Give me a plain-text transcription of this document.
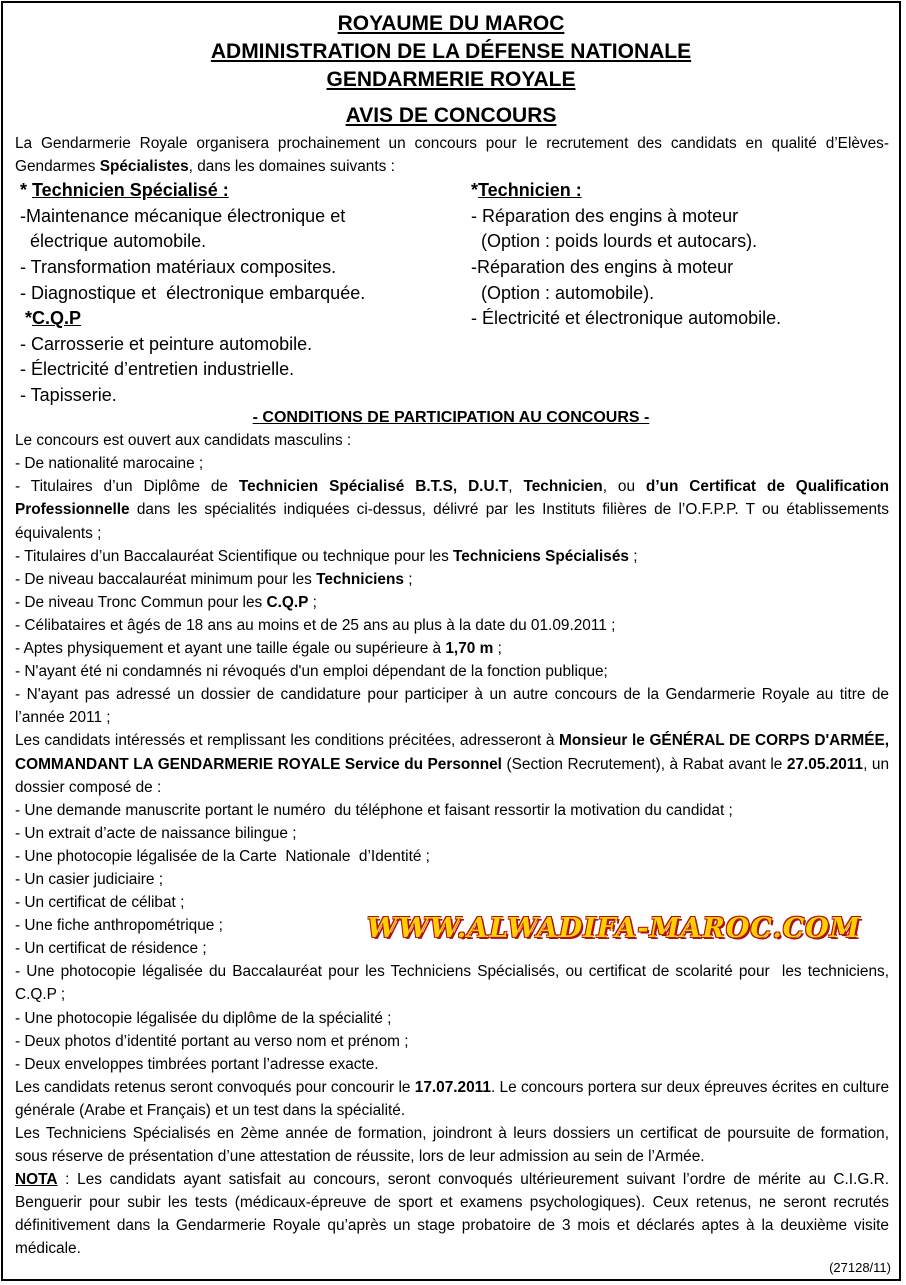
ROYAUME DU MAROC
ADMINISTRATION DE LA DÉFENSE NATIONALE
GENDARMERIE ROYALE
AVIS DE CONCOURS
La Gendarmerie Royale organisera prochainement un concours pour le recrutement des candidats en qualité d’Elèves-Gendarmes Spécialistes, dans les domaines suivants :
* Technicien Spécialisé :
-Maintenance mécanique électronique et
électrique automobile.
- Transformation matériaux composites.
- Diagnostique et  électronique embarquée.
*C.Q.P
- Carrosserie et peinture automobile.
- Électricité d’entretien industrielle.
- Tapisserie.
*Technicien :
- Réparation des engins à moteur
(Option : poids lourds et autocars).
-Réparation des engins à moteur
(Option : automobile).
- Électricité et électronique automobile.
- CONDITIONS DE PARTICIPATION AU CONCOURS -
Le concours est ouvert aux candidats masculins :
- De nationalité marocaine ;
- Titulaires d’un Diplôme de Technicien Spécialisé B.T.S, D.U.T, Technicien, ou d’un Certificat de Qualification Professionnelle dans les spécialités indiquées ci-dessus, délivré par les Instituts filières de l’O.F.P.P. T ou établissements équivalents ;
- Titulaires d’un Baccalauréat Scientifique ou technique pour les Techniciens Spécialisés ;
- De niveau baccalauréat minimum pour les Techniciens ;
- De niveau Tronc Commun pour les C.Q.P ;
- Célibataires et âgés de 18 ans au moins et de 25 ans au plus à la date du 01.09.2011 ;
- Aptes physiquement et ayant une taille égale ou supérieure à 1,70 m ;
- N'ayant été ni condamnés ni révoqués d'un emploi dépendant de la fonction publique;
- N'ayant pas adressé un dossier de candidature pour participer à un autre concours de la Gendarmerie Royale au titre de l’année 2011 ;
Les candidats intéressés et remplissant les conditions précitées, adresseront à Monsieur le GÉNÉRAL DE CORPS D'ARMÉE, COMMANDANT LA GENDARMERIE ROYALE Service du Personnel (Section Recrutement), à Rabat avant le 27.05.2011, un dossier composé de :
- Une demande manuscrite portant le numéro  du téléphone et faisant ressortir la motivation du candidat ;
- Un extrait d’acte de naissance bilingue ;
- Une photocopie légalisée de la Carte  Nationale  d’Identité ;
- Un casier judiciaire ;
- Un certificat de célibat ;
- Une fiche anthropométrique ;
- Un certificat de résidence ;
- Une photocopie légalisée du Baccalauréat pour les Techniciens Spécialisés, ou certificat de scolarité pour  les techniciens, C.Q.P ;
- Une photocopie légalisée du diplôme de la spécialité ;
- Deux photos d’identité portant au verso nom et prénom ;
- Deux enveloppes timbrées portant l’adresse exacte.
Les candidats retenus seront convoqués pour concourir le 17.07.2011. Le concours portera sur deux épreuves écrites en culture générale (Arabe et Français) et un test dans la spécialité.
Les Techniciens Spécialisés en 2ème année de formation, joindront à leurs dossiers un certificat de poursuite de formation, sous réserve de présentation d’une attestation de réussite, lors de leur admission au sein de l’Armée.
NOTA : Les candidats ayant satisfait au concours, seront convoqués ultérieurement suivant l’ordre de mérite au C.I.G.R. Benguerir pour subir les tests (médicaux-épreuve de sport et examens psychologiques). Ceux retenus, ne seront recrutés définitivement dans la Gendarmerie Royale qu’après un stage probatoire de 3 mois et déclarés aptes à la deuxième visite médicale.
WWW.ALWADIFA-MAROC.COM
(27128/11)
